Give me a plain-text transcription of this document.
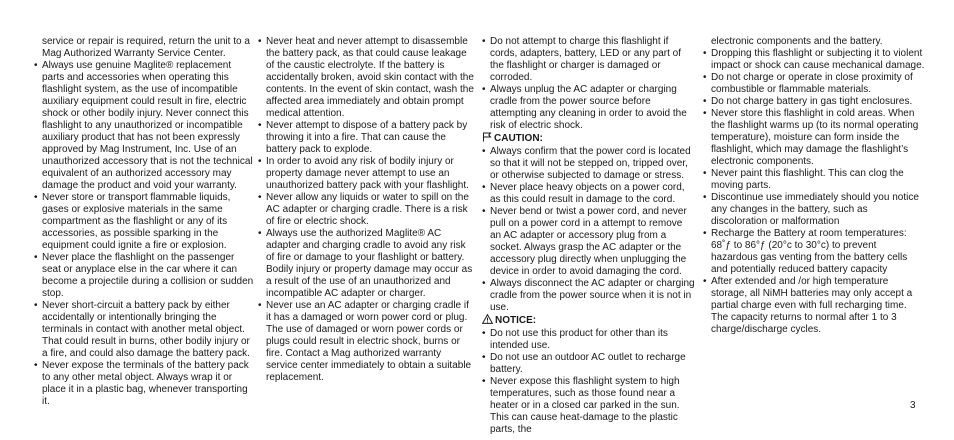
service or repair is required, return the unit to a Mag Authorized Warranty Service Center.

• Always use genuine Maglite® replacement parts and accessories when operating this flashlight system, as the use of incompatible auxiliary equipment could result in fire, electric shock or other bodily injury. Never connect this flashlight to any unauthorized or incompatible auxiliary product that has not been expressly approved by Mag Instrument, Inc. Use of an unauthorized accessory that is not the technical equivalent of an authorized accessory may damage the product and void your warranty.

• Never store or transport flammable liquids, gases or explosive materials in the same compartment as the flashlight or any of its accessories, as possible sparking in the equipment could ignite a fire or explosion.

• Never place the flashlight on the passenger seat or anyplace else in the car where it can become a projectile during a collision or sudden stop.

• Never short-circuit a battery pack by either accidentally or intentionally bringing the terminals in contact with another metal object. That could result in burns, other bodily injury or a fire, and could also damage the battery pack.

• Never expose the terminals of the battery pack to any other metal object. Always wrap it or place it in a plastic bag, whenever transporting it.

• Never heat and never attempt to disassemble the battery pack, as that could cause leakage of the caustic electrolyte. If the battery is accidentally broken, avoid skin contact with the contents. In the event of skin contact, wash the affected area immediately and obtain prompt medical attention.

• Never attempt to dispose of a battery pack by throwing it into a fire. That can cause the battery pack to explode.

• In order to avoid any risk of bodily injury or property damage never attempt to use an unauthorized battery pack with your flashlight.

• Never allow any liquids or water to spill on the AC adapter or charging cradle. There is a risk of fire or electric shock.

• Always use the authorized Maglite® AC adapter and charging cradle to avoid any risk of fire or damage to your flashlight or battery. Bodily injury or property damage may occur as a result of the use of an unauthorized and incompatible AC adapter or charger.

• Never use an AC adapter or charging cradle if it has a damaged or worn power cord or plug. The use of damaged or worn power cords or plugs could result in electric shock, burns or fire. Contact a Mag authorized warranty service center immediately to obtain a suitable replacement.

• Do not attempt to charge this flashlight if cords, adapters, battery, LED or any part of the flashlight or charger is damaged or corroded.

• Always unplug the AC adapter or charging cradle from the power source before attempting any cleaning in order to avoid the risk of electric shock.

CAUTION:

• Always confirm that the power cord is located so that it will not be stepped on, tripped over, or otherwise subjected to damage or stress.

• Never place heavy objects on a power cord, as this could result in damage to the cord.

• Never bend or twist a power cord, and never pull on a power cord in a attempt to remove an AC adapter or accessory plug from a socket. Always grasp the AC adapter or the accessory plug directly when unplugging the device in order to avoid damaging the cord.

• Always disconnect the AC adapter or charging cradle from the power source when it is not in use.

NOTICE:

• Do not use this product for other than its intended use.

• Do not use an outdoor AC outlet to recharge battery.

• Never expose this flashlight system to high temperatures, such as those found near a heater or in a closed car parked in the sun. This can cause heat-damage to the plastic parts, the

electronic components and the battery.

• Dropping this flashlight or subjecting it to violent impact or shock can cause mechanical damage.

• Do not charge or operate in close proximity of combustible or flammable materials.

• Do not charge battery in gas tight enclosures.

• Never store this flashlight in cold areas. When the flashlight warms up (to its normal operating temperature), moisture can form inside the flashlight, which may damage the flashlight’s electronic components.

• Never paint this flashlight. This can clog the moving parts.

• Discontinue use immediately should you notice any changes in the battery, such as discoloration or malformation

• Recharge the Battery at room temperatures: 68˚ƒ to 86°ƒ (20°c to 30°c) to prevent hazardous gas venting from the battery cells and potentially reduced battery capacity

• After extended and /or high temperature storage, all NiMH batteries may only accept a partial charge even with full recharging time. The capacity returns to normal after 1 to 3 charge/discharge cycles.

3
